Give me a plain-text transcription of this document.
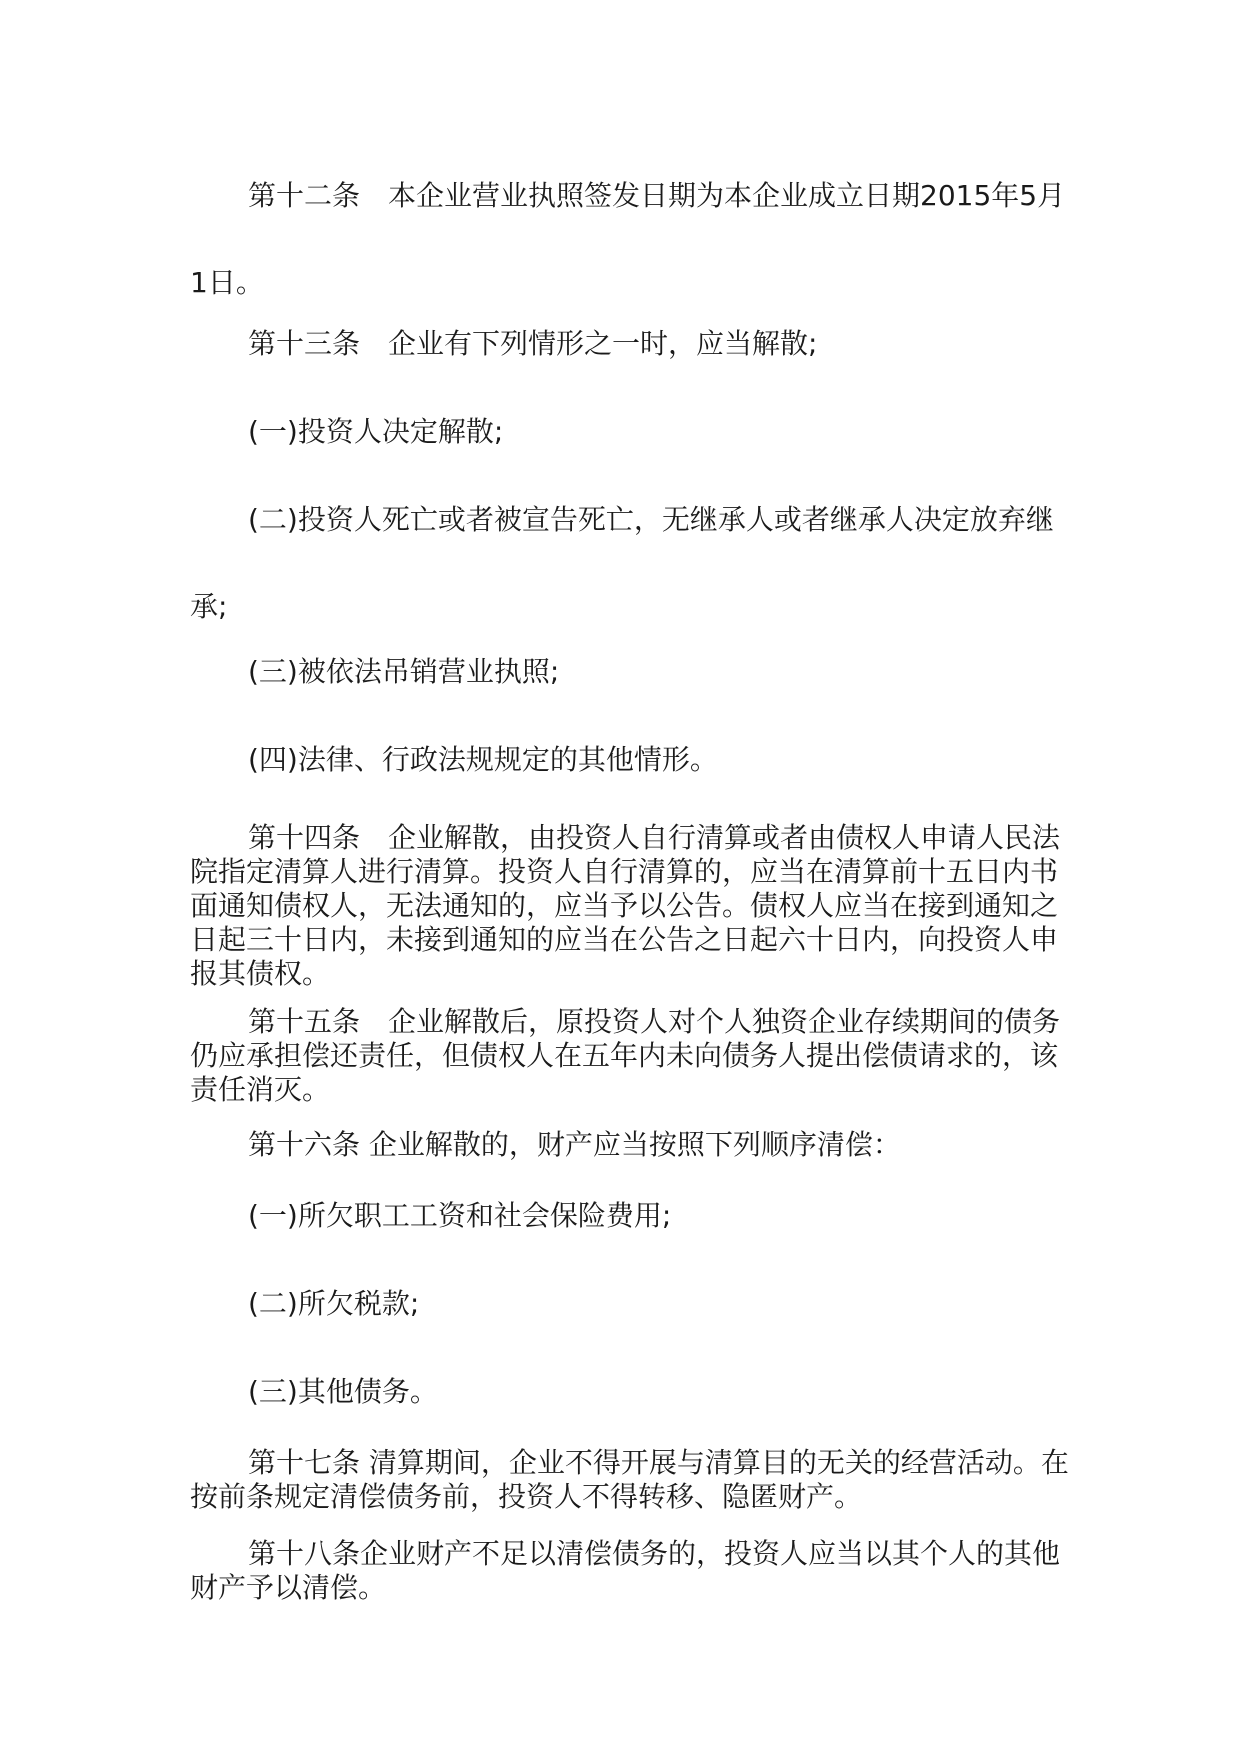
第十二条　本企业营业执照签发日期为本企业成立日期2015年5月1日。

第十三条　企业有下列情形之一时，应当解散;

(一)投资人决定解散;

(二)投资人死亡或者被宣告死亡，无继承人或者继承人决定放弃继承;

(三)被依法吊销营业执照;

(四)法律、行政法规规定的其他情形。

第十四条　企业解散，由投资人自行清算或者由债权人申请人民法院指定清算人进行清算。投资人自行清算的，应当在清算前十五日内书面通知债权人，无法通知的，应当予以公告。债权人应当在接到通知之日起三十日内，未接到通知的应当在公告之日起六十日内，向投资人申报其债权。

第十五条　企业解散后，原投资人对个人独资企业存续期间的债务仍应承担偿还责任，但债权人在五年内未向债务人提出偿债请求的，该责任消灭。

第十六条 企业解散的，财产应当按照下列顺序清偿：

(一)所欠职工工资和社会保险费用;

(二)所欠税款;

(三)其他债务。

第十七条 清算期间，企业不得开展与清算目的无关的经营活动。在按前条规定清偿债务前，投资人不得转移、隐匿财产。

第十八条企业财产不足以清偿债务的，投资人应当以其个人的其他财产予以清偿。
